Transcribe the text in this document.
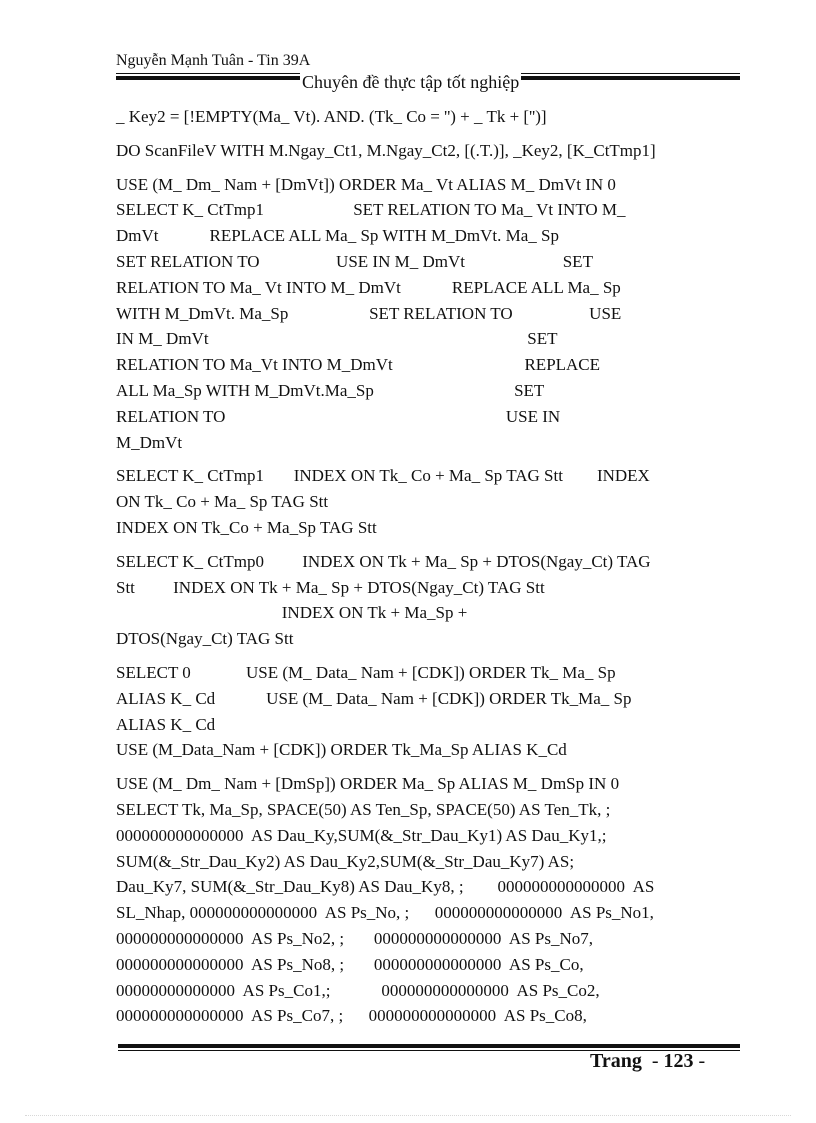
Nguyễn Mạnh Tuân - Tin 39A
Chuyên đề thực tập tốt nghiệp
_ Key2 = [!EMPTY(Ma_ Vt). AND. (Tk_ Co = '') + _ Tk + ['')]
DO ScanFileV WITH M.Ngay_Ct1, M.Ngay_Ct2, [(.T.)], _Key2, [K_CtTmp1]
USE (M_ Dm_ Nam + [DmVt]) ORDER Ma_ Vt ALIAS M_ DmVt IN 0
SELECT K_ CtTmp1                     SET RELATION TO Ma_ Vt INTO M_
DmVt            REPLACE ALL Ma_ Sp WITH M_DmVt. Ma_ Sp
SET RELATION TO                  USE IN M_ DmVt                       SET
RELATION TO Ma_ Vt INTO M_ DmVt            REPLACE ALL Ma_ Sp
WITH M_DmVt. Ma_Sp                   SET RELATION TO                  USE
IN M_ DmVt                                                                           SET
RELATION TO Ma_Vt INTO M_DmVt                               REPLACE
ALL Ma_Sp WITH M_DmVt.Ma_Sp                                 SET
RELATION TO                                                                  USE IN
M_DmVt
SELECT K_ CtTmp1       INDEX ON Tk_ Co + Ma_ Sp TAG Stt        INDEX
ON Tk_ Co + Ma_ Sp TAG Stt
INDEX ON Tk_Co + Ma_Sp TAG Stt
SELECT K_ CtTmp0         INDEX ON Tk + Ma_ Sp + DTOS(Ngay_Ct) TAG
Stt         INDEX ON Tk + Ma_ Sp + DTOS(Ngay_Ct) TAG Stt
INDEX ON Tk + Ma_Sp +
DTOS(Ngay_Ct) TAG Stt
SELECT 0             USE (M_ Data_ Nam + [CDK]) ORDER Tk_ Ma_ Sp
ALIAS K_ Cd            USE (M_ Data_ Nam + [CDK]) ORDER Tk_Ma_ Sp
ALIAS K_ Cd
USE (M_Data_Nam + [CDK]) ORDER Tk_Ma_Sp ALIAS K_Cd
USE (M_ Dm_ Nam + [DmSp]) ORDER Ma_ Sp ALIAS M_ DmSp IN 0
SELECT Tk, Ma_Sp, SPACE(50) AS Ten_Sp, SPACE(50) AS Ten_Tk, ;
000000000000000  AS Dau_Ky,SUM(&_Str_Dau_Ky1) AS Dau_Ky1,;
SUM(&_Str_Dau_Ky2) AS Dau_Ky2,SUM(&_Str_Dau_Ky7) AS;
Dau_Ky7, SUM(&_Str_Dau_Ky8) AS Dau_Ky8, ;        000000000000000  AS
SL_Nhap, 000000000000000  AS Ps_No, ;      000000000000000  AS Ps_No1,
000000000000000  AS Ps_No2, ;       000000000000000  AS Ps_No7,
000000000000000  AS Ps_No8, ;       000000000000000  AS Ps_Co,
00000000000000  AS Ps_Co1,;            000000000000000  AS Ps_Co2,
000000000000000  AS Ps_Co7, ;      000000000000000  AS Ps_Co8,
Trang  - 123 -
